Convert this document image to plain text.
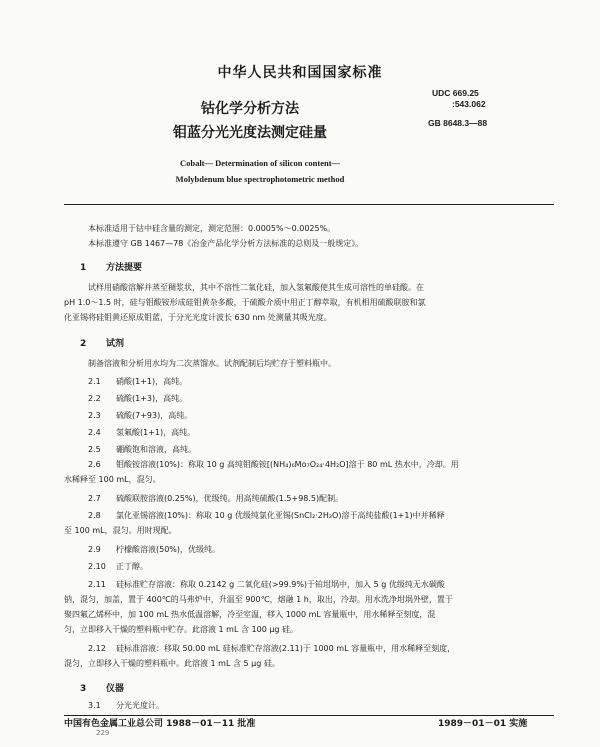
中华人民共和国国家标准
钴化学分析方法
钼蓝分光光度法测定硅量
UDC 669.25
:543.062
GB 8648.3—88
Cobalt— Determination of silicon content—
Molybdenum blue spectrophotometric method
本标准适用于钴中硅含量的测定，测定范围：0.0005%～0.0025%。
本标准遵守 GB 1467—78《冶金产品化学分析方法标准的总则及一般规定》。
1 方法提要
试样用硝酸溶解并蒸至稠浆状，其中不溶性二氧化硅，加入氢氟酸使其生成可溶性的单硅酸。在
pH 1.0～1.5 时，硅与钼酸铵形成硅钼黄杂多酸，于硫酸介质中用正丁醇萃取，有机相用硫酸联胺和氯
化亚锡将硅钼黄还原成钼蓝，于分光光度计波长 630 nm 处测量其吸光度。
2 试剂
制备溶液和分析用水均为二次蒸馏水。试剂配制后均贮存于塑料瓶中。
2.1 硝酸(1+1)，高纯。
2.2 硫酸(1+3)，高纯。
2.3 硫酸(7+93)，高纯。
2.4 氢氟酸(1+1)，高纯。
2.5 硼酸饱和溶液，高纯。
2.6 钼酸铵溶液(10%)：称取 10 g 高纯钼酸铵[(NH₄)₆Mo₇O₂₄·4H₂O]溶于 80 mL 热水中，冷却。用
水稀释至 100 mL，混匀。
2.7 硫酸联胺溶液(0.25%)，优级纯。用高纯硫酸(1.5+98.5)配制。
2.8 氯化亚锡溶液(10%)：称取 10 g 优级纯氯化亚锡(SnCl₂·2H₂O)溶于高纯盐酸(1+1)中并稀释
至 100 mL，混匀。用时现配。
2.9 柠檬酸溶液(50%)，优级纯。
2.10 正丁醇。
2.11 硅标准贮存溶液：称取 0.2142 g 二氧化硅(>99.9%)于铂坩埚中，加入 5 g 优级纯无水碳酸
钠，混匀，加盖，置于 400℃的马弗炉中，升温至 900℃，熔融 1 h，取出，冷却。用水洗净坩埚外壁，置于
聚四氟乙烯杯中，加 100 mL 热水低温溶解，冷至室温，移入 1000 mL 容量瓶中，用水稀释至刻度，混
匀，立即移入干燥的塑料瓶中贮存。此溶液 1 mL 含 100 μg 硅。
2.12 硅标准溶液：移取 50.00 mL 硅标准贮存溶液(2.11)于 1000 mL 容量瓶中，用水稀释至刻度，
混匀，立即移入干燥的塑料瓶中。此溶液 1 mL 含 5 μg 硅。
3 仪器
3.1 分光光度计。
中国有色金属工业总公司 1988－01－11 批准	1989－01－01 实施
229
